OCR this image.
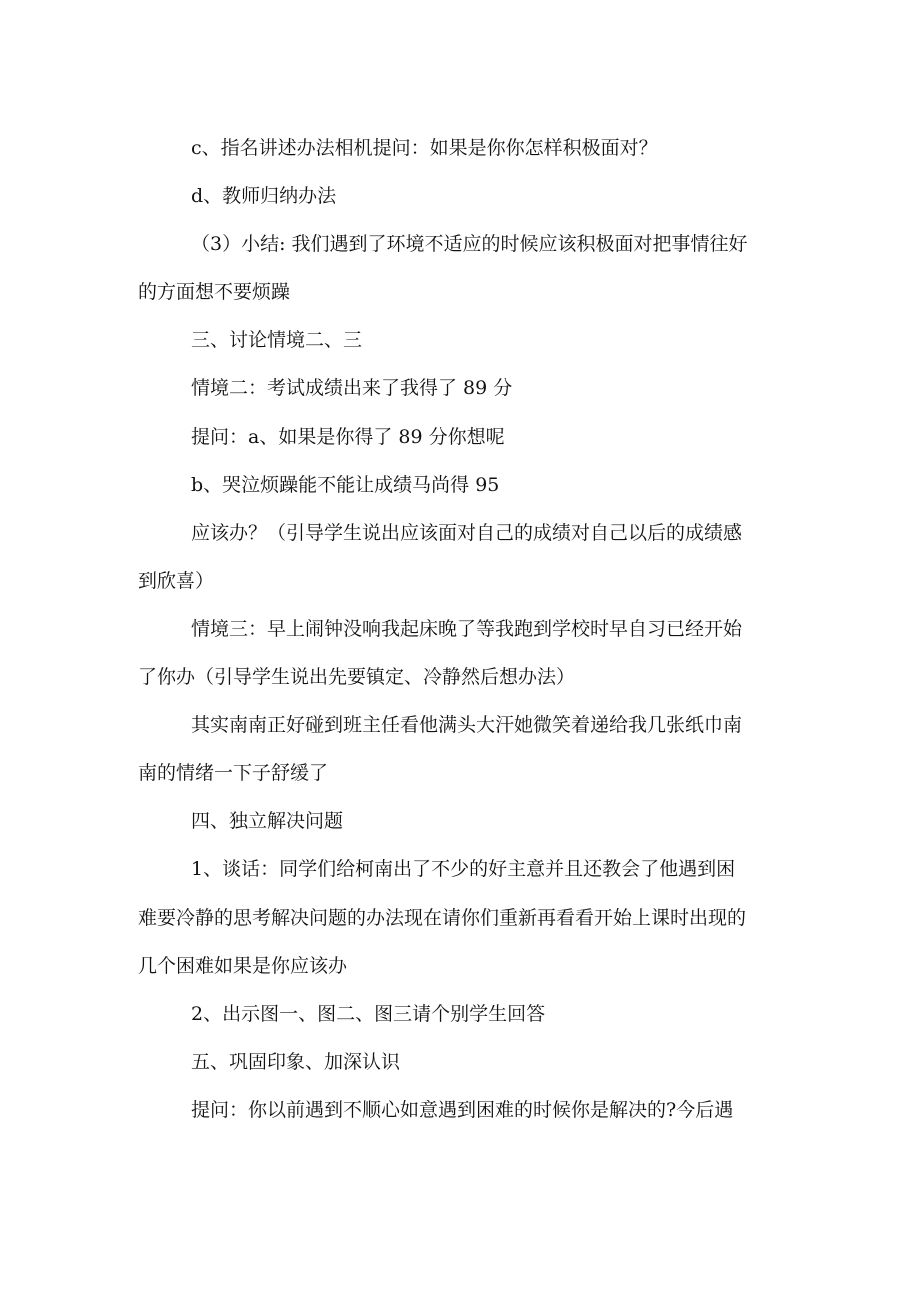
c、指名讲述办法相机提问：如果是你你怎样积极面对？
d、教师归纳办法
（3）小结: 我们遇到了环境不适应的时候应该积极面对把事情往好
的方面想不要烦躁
三、讨论情境二、三
情境二：考试成绩出来了我得了 89 分
提问：a、如果是你得了 89 分你想呢
b、哭泣烦躁能不能让成绩马尚得 95
应该办？（引导学生说出应该面对自己的成绩对自己以后的成绩感
到欣喜）
情境三：早上闹钟没响我起床晚了等我跑到学校时早自习已经开始
了你办（引导学生说出先要镇定、冷静然后想办法）
其实南南正好碰到班主任看他满头大汗她微笑着递给我几张纸巾南
南的情绪一下子舒缓了
四、独立解决问题
1、谈话：同学们给柯南出了不少的好主意并且还教会了他遇到困
难要冷静的思考解决问题的办法现在请你们重新再看看开始上课时出现的
几个困难如果是你应该办
2、出示图一、图二、图三请个别学生回答
五、巩固印象、加深认识
提问：你以前遇到不顺心如意遇到困难的时候你是解决的?今后遇
